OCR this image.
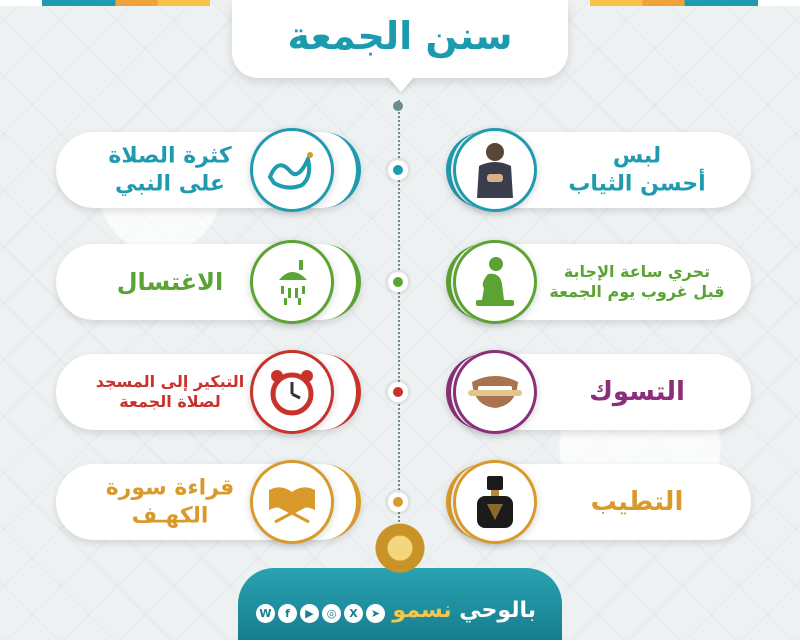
سنن الجمعة
لبس
أحسن الثياب
كثرة الصلاة
على النبي
تحري ساعة الإجابة
قبل غروب يوم الجمعة
الاغتسال
التسوك
التبكير إلى المسجد
لصلاة الجمعة
التطيب
قراءة سورة
الكهـف
بالوحي نسمو
W	f	▶	◎	X	➤
